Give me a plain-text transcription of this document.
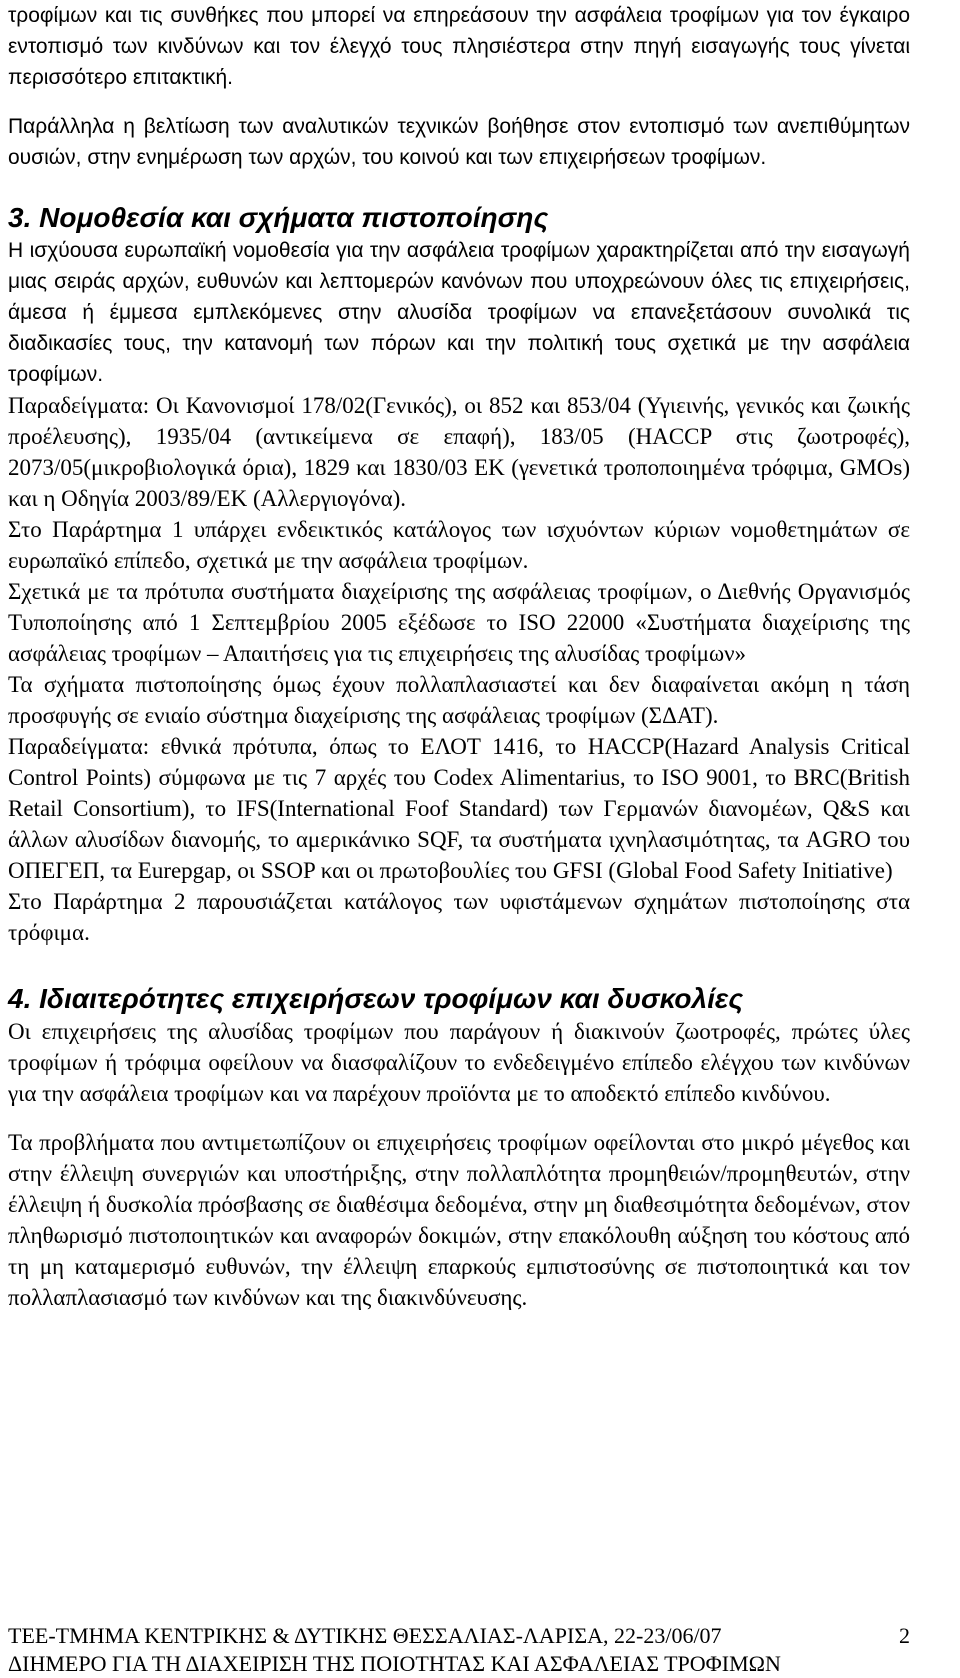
τροφίμων και τις συνθήκες που μπορεί να επηρεάσουν την ασφάλεια τροφίμων για τον έγκαιρο εντοπισμό των κινδύνων και τον έλεγχό τους πλησιέστερα στην πηγή εισαγωγής τους γίνεται περισσότερο επιτακτική.

Παράλληλα η βελτίωση των αναλυτικών τεχνικών βοήθησε στον εντοπισμό των ανεπιθύμητων ουσιών, στην ενημέρωση των αρχών, του κοινού και των επιχειρήσεων τροφίμων.

3. Νομοθεσία και σχήματα πιστοποίησης

Η ισχύουσα ευρωπαϊκή νομοθεσία για την ασφάλεια τροφίμων χαρακτηρίζεται από την εισαγωγή μιας σειράς αρχών, ευθυνών και λεπτομερών κανόνων που υποχρεώνουν όλες τις επιχειρήσεις, άμεσα ή έμμεσα εμπλεκόμενες στην αλυσίδα τροφίμων να επανεξετάσουν συνολικά τις διαδικασίες τους, την κατανομή των πόρων και την πολιτική τους σχετικά με την ασφάλεια τροφίμων.

Παραδείγματα: Οι Κανονισμοί 178/02(Γενικός), οι 852 και 853/04 (Υγιεινής, γενικός και ζωικής προέλευσης), 1935/04 (αντικείμενα σε επαφή), 183/05 (HACCP στις ζωοτροφές), 2073/05(μικροβιολογικά όρια), 1829 και 1830/03 ΕΚ (γενετικά τροποποιημένα τρόφιμα, GMOs) και η Οδηγία 2003/89/ΕΚ (Αλλεργιογόνα).

Στο Παράρτημα 1 υπάρχει ενδεικτικός κατάλογος των ισχυόντων κύριων νομοθετημάτων σε ευρωπαϊκό επίπεδο, σχετικά με την ασφάλεια τροφίμων.

Σχετικά με τα πρότυπα συστήματα διαχείρισης της ασφάλειας τροφίμων, ο Διεθνής Οργανισμός Τυποποίησης από 1 Σεπτεμβρίου 2005 εξέδωσε το ISO 22000 «Συστήματα διαχείρισης της ασφάλειας τροφίμων – Απαιτήσεις για τις επιχειρήσεις της αλυσίδας τροφίμων»

Τα σχήματα πιστοποίησης όμως έχουν πολλαπλασιαστεί και δεν διαφαίνεται ακόμη η τάση προσφυγής σε ενιαίο σύστημα διαχείρισης της ασφάλειας τροφίμων (ΣΔΑΤ).

Παραδείγματα: εθνικά πρότυπα, όπως το ΕΛΟΤ 1416, το HACCP(Hazard Analysis Critical Control Points) σύμφωνα με τις 7 αρχές του Codex Alimentarius, το ISO 9001, το BRC(British Retail Consortium), το IFS(International Foof Standard) των Γερμανών διανομέων, Q&S και άλλων αλυσίδων διανομής, το αμερικάνικο SQF, τα συστήματα ιχνηλασιμότητας, τα AGRO του ΟΠΕΓΕΠ, τα Eurepgap, οι SSOP και οι πρωτοβουλίες του GFSI (Global Food Safety Initiative)

Στο Παράρτημα 2 παρουσιάζεται κατάλογος των υφιστάμενων σχημάτων πιστοποίησης στα τρόφιμα.

4. Ιδιαιτερότητες επιχειρήσεων τροφίμων και δυσκολίες

Οι επιχειρήσεις της αλυσίδας τροφίμων που παράγουν ή διακινούν ζωοτροφές, πρώτες ύλες τροφίμων ή τρόφιμα οφείλουν να διασφαλίζουν το ενδεδειγμένο επίπεδο ελέγχου των κινδύνων για την ασφάλεια τροφίμων και να παρέχουν προϊόντα με το αποδεκτό επίπεδο κινδύνου.

Τα προβλήματα που αντιμετωπίζουν οι επιχειρήσεις τροφίμων οφείλονται στο μικρό μέγεθος και στην έλλειψη συνεργιών και υποστήριξης, στην πολλαπλότητα προμηθειών/προμηθευτών, στην έλλειψη ή δυσκολία πρόσβασης σε διαθέσιμα δεδομένα, στην μη διαθεσιμότητα δεδομένων, στον πληθωρισμό πιστοποιητικών και αναφορών δοκιμών, στην επακόλουθη αύξηση του κόστους από τη μη καταμερισμό ευθυνών, την έλλειψη επαρκούς εμπιστοσύνης σε πιστοποιητικά και τον πολλαπλασιασμό των κινδύνων και της διακινδύνευσης.

ΤΕΕ-ΤΜΗΜΑ ΚΕΝΤΡΙΚΗΣ & ΔΥΤΙΚΗΣ ΘΕΣΣΑΛΙΑΣ-ΛΑΡΙΣΑ, 22-23/06/07	2
ΔΙΗΜΕΡΟ ΓΙΑ ΤΗ ΔΙΑΧΕΙΡΙΣΗ ΤΗΣ ΠΟΙΟΤΗΤΑΣ ΚΑΙ ΑΣΦΑΛΕΙΑΣ ΤΡΟΦΙΜΩΝ
